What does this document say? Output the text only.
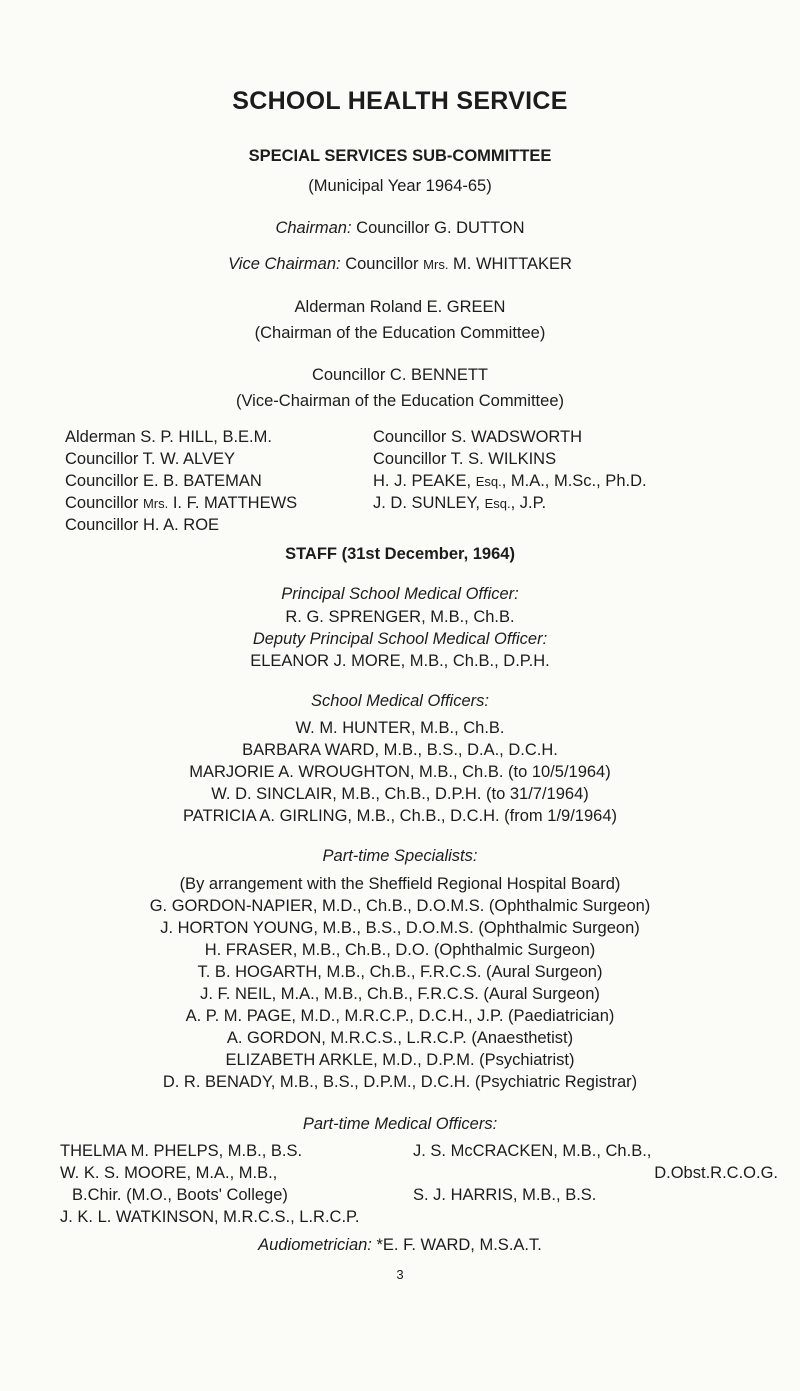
SCHOOL HEALTH SERVICE
SPECIAL SERVICES SUB-COMMITTEE
(Municipal Year 1964-65)
Chairman: Councillor G. DUTTON
Vice Chairman: Councillor Mrs. M. WHITTAKER
Alderman Roland E. GREEN
(Chairman of the Education Committee)
Councillor C. BENNETT
(Vice-Chairman of the Education Committee)
Alderman S. P. HILL, B.E.M.
Councillor T. W. ALVEY
Councillor E. B. BATEMAN
Councillor Mrs. I. F. MATTHEWS
Councillor H. A. ROE
Councillor S. WADSWORTH
Councillor T. S. WILKINS
H. J. PEAKE, Esq., M.A., M.Sc., Ph.D.
J. D. SUNLEY, Esq., J.P.
STAFF (31st December, 1964)
Principal School Medical Officer:
R. G. SPRENGER, M.B., Ch.B.
Deputy Principal School Medical Officer:
ELEANOR J. MORE, M.B., Ch.B., D.P.H.
School Medical Officers:
W. M. HUNTER, M.B., Ch.B.
BARBARA WARD, M.B., B.S., D.A., D.C.H.
MARJORIE A. WROUGHTON, M.B., Ch.B. (to 10/5/1964)
W. D. SINCLAIR, M.B., Ch.B., D.P.H. (to 31/7/1964)
PATRICIA A. GIRLING, M.B., Ch.B., D.C.H. (from 1/9/1964)
Part-time Specialists:
(By arrangement with the Sheffield Regional Hospital Board)
G. GORDON-NAPIER, M.D., Ch.B., D.O.M.S. (Ophthalmic Surgeon)
J. HORTON YOUNG, M.B., B.S., D.O.M.S. (Ophthalmic Surgeon)
H. FRASER, M.B., Ch.B., D.O. (Ophthalmic Surgeon)
T. B. HOGARTH, M.B., Ch.B., F.R.C.S. (Aural Surgeon)
J. F. NEIL, M.A., M.B., Ch.B., F.R.C.S. (Aural Surgeon)
A. P. M. PAGE, M.D., M.R.C.P., D.C.H., J.P. (Paediatrician)
A. GORDON, M.R.C.S., L.R.C.P. (Anaesthetist)
ELIZABETH ARKLE, M.D., D.P.M. (Psychiatrist)
D. R. BENADY, M.B., B.S., D.P.M., D.C.H. (Psychiatric Registrar)
Part-time Medical Officers:
THELMA M. PHELPS, M.B., B.S.
W. K. S. MOORE, M.A., M.B.,
B.Chir. (M.O., Boots' College)
J. K. L. WATKINSON, M.R.C.S., L.R.C.P.
J. S. McCRACKEN, M.B., Ch.B.,
D.Obst.R.C.O.G.
S. J. HARRIS, M.B., B.S.
Audiometrician: *E. F. WARD, M.S.A.T.
3
